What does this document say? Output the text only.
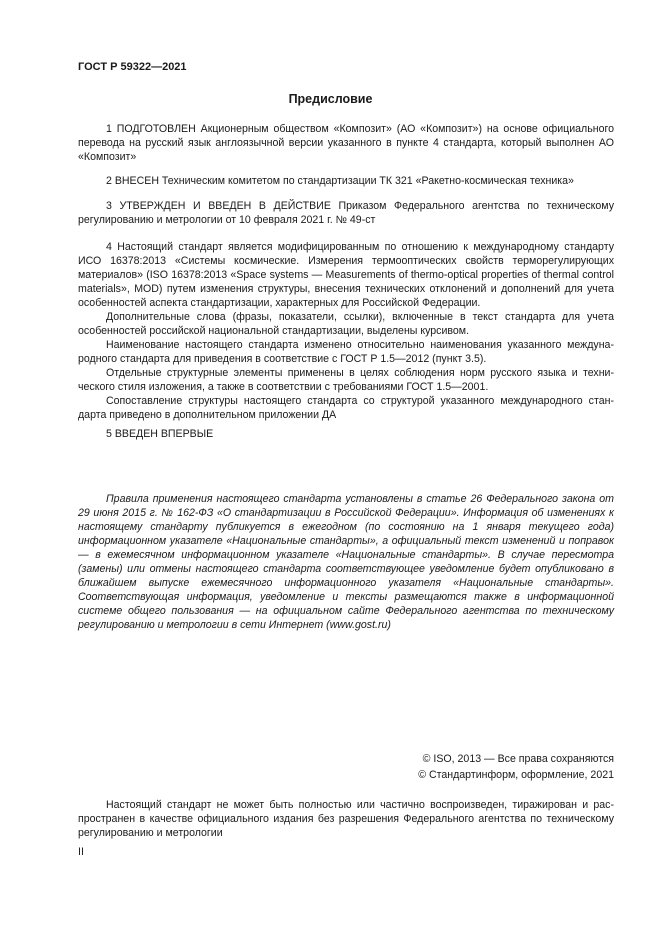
ГОСТ Р 59322—2021
Предисловие

1 ПОДГОТОВЛЕН Акционерным обществом «Композит» (АО «Композит») на основе официального перевода на русский язык англоязычной версии указанного в пункте 4 стандарта, который выполнен АО «Композит»

2 ВНЕСЕН Техническим комитетом по стандартизации ТК 321 «Ракетно-космическая техника»

3 УТВЕРЖДЕН И ВВЕДЕН В ДЕЙСТВИЕ Приказом Федерального агентства по техническому регулированию и метрологии от 10 февраля 2021 г. № 49-ст

4 Настоящий стандарт является модифицированным по отношению к международному стандарту ИСО 16378:2013 «Системы космические. Измерения термооптических свойств терморегулирующих материалов» (ISO 16378:2013 «Space systems — Measurements of thermo-optical properties of thermal control materials», MOD) путем изменения структуры, внесения технических отклонений и дополнений для учета особенностей аспекта стандартизации, характерных для Российской Федерации.

Дополнительные слова (фразы, показатели, ссылки), включенные в текст стандарта для учета особенностей российской национальной стандартизации, выделены курсивом.

Наименование настоящего стандарта изменено относительно наименования указанного международного стандарта для приведения в соответствие с ГОСТ Р 1.5—2012 (пункт 3.5).

Отдельные структурные элементы применены в целях соблюдения норм русского языка и технического стиля изложения, а также в соответствии с требованиями ГОСТ 1.5—2001.

Сопоставление структуры настоящего стандарта со структурой указанного международного стандарта приведено в дополнительном приложении ДА

5 ВВЕДЕН ВПЕРВЫЕ

Правила применения настоящего стандарта установлены в статье 26 Федерального закона от 29 июня 2015 г. № 162-ФЗ «О стандартизации в Российской Федерации». Информация об изменениях к настоящему стандарту публикуется в ежегодном (по состоянию на 1 января текущего года) информационном указателе «Национальные стандарты», а официальный текст изменений и поправок — в ежемесячном информационном указателе «Национальные стандарты». В случае пересмотра (замены) или отмены настоящего стандарта соответствующее уведомление будет опубликовано в ближайшем выпуске ежемесячного информационного указателя «Национальные стандарты». Соответствующая информация, уведомление и тексты размещаются также в информационной системе общего пользования — на официальном сайте Федерального агентства по техническому регулированию и метрологии в сети Интернет (www.gost.ru)

© ISO, 2013 — Все права сохраняются
© Стандартинформ, оформление, 2021

Настоящий стандарт не может быть полностью или частично воспроизведен, тиражирован и распространен в качестве официального издания без разрешения Федерального агентства по техническому регулированию и метрологии

II
